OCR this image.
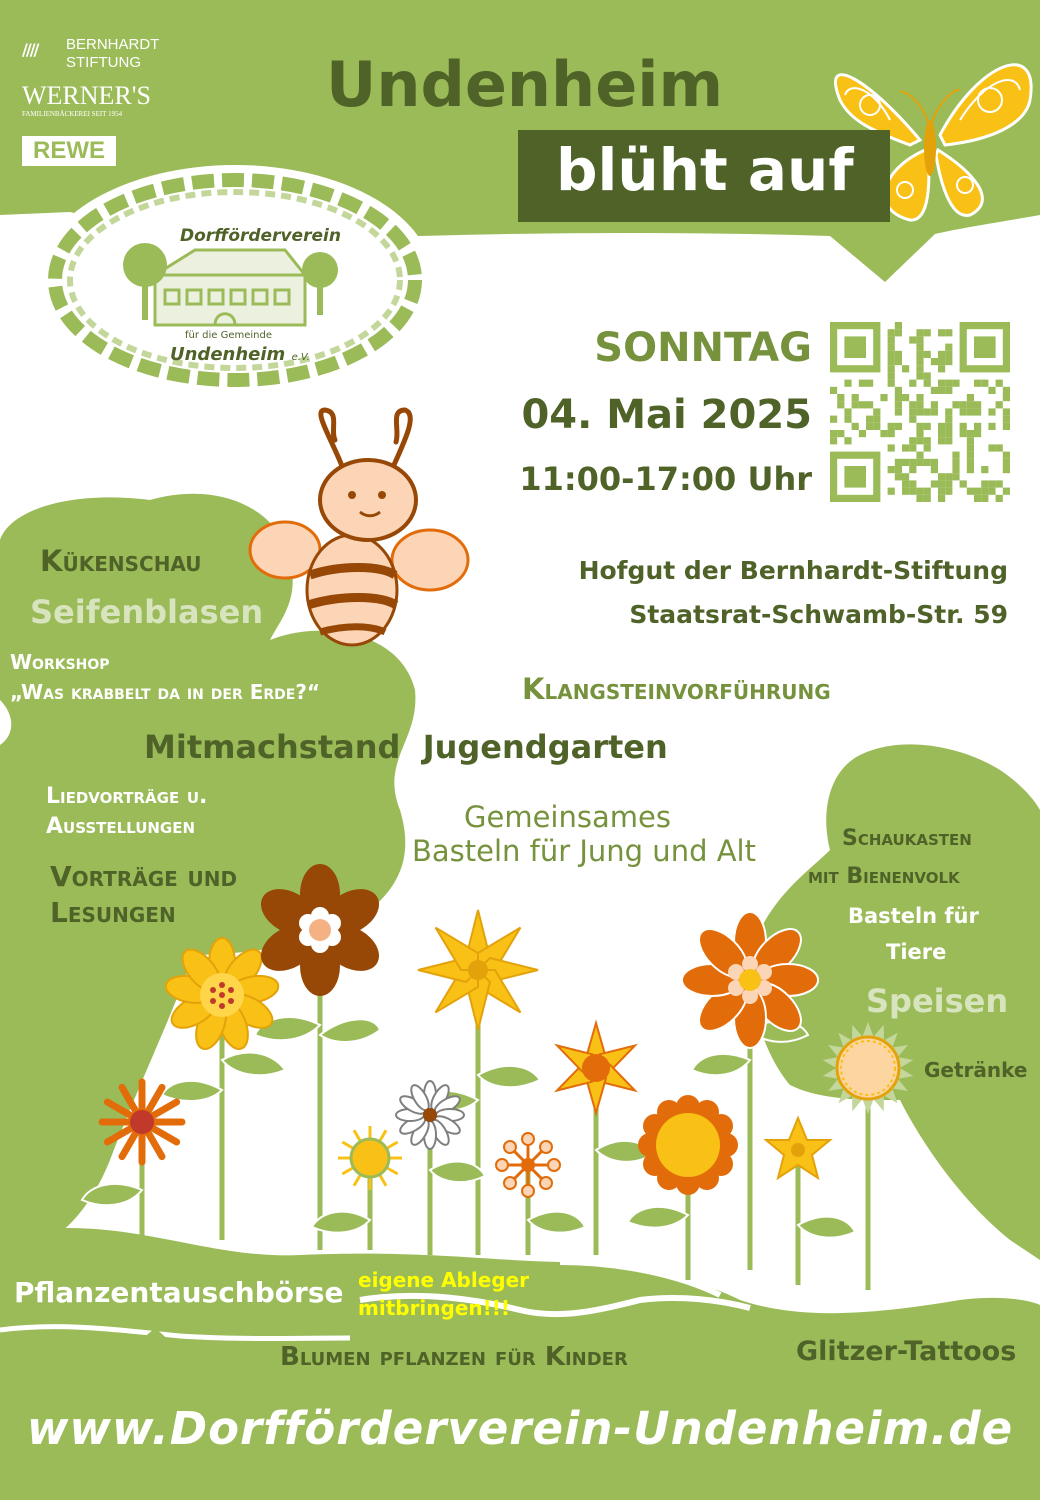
//// BERNHARDT
STIFTUNG
WERNER'S
FAMILIENBÄCKEREI SEIT 1954
REWE
Undenheim
blüht auf
Dorfförderverein
für die Gemeinde
Undenheim e.V.	SONNTAG
04. Mai 2025
11:00-17:00 Uhr
Hofgut der Bernhardt-Stiftung
Staatsrat-Schwamb-Str. 59
Kükenschau
Seifenblasen
Workshop
„Was krabbelt da in der Erde?“	Klangsteinvorführung
Mitmachstand  Jugendgarten
Liedvorträge u.
Ausstellungen	Gemeinsames
Basteln für Jung und Alt
Vorträge und
Lesungen
Schaukasten
mit Bienenvolk
Basteln für
Tiere
Speisen
Getränke
Pflanzentauschbörse eigene Ableger
mitbringen!!!
Blumen pflanzen für Kinder	Glitzer-Tattoos
www.Dorfförderverein-Undenheim.de
